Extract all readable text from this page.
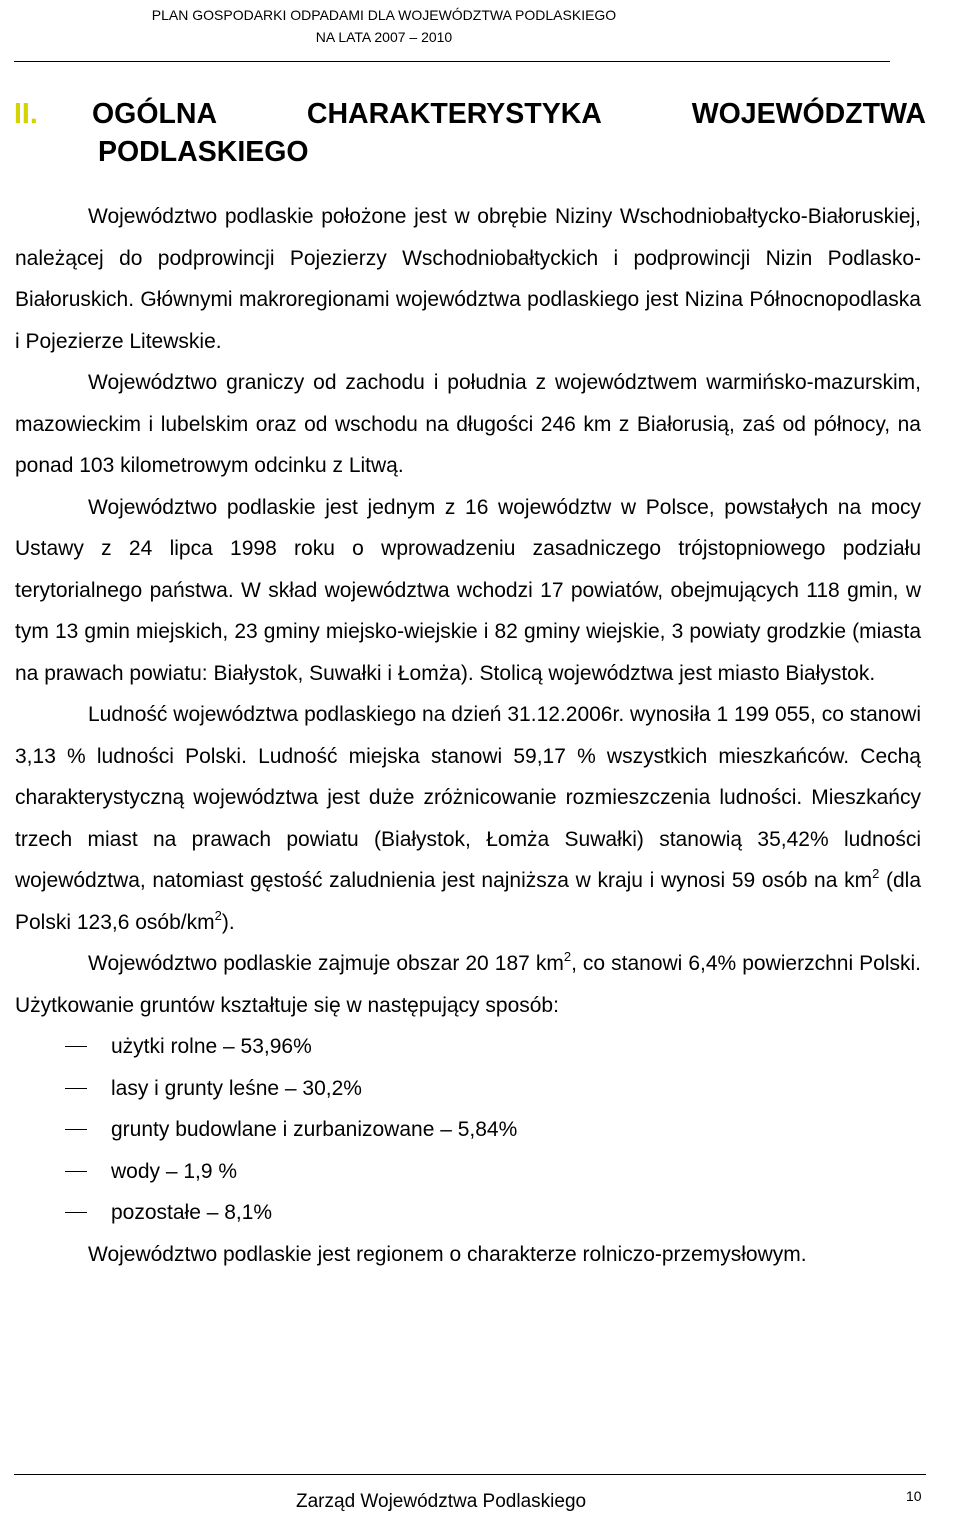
PLAN GOSPODARKI ODPADAMI DLA WOJEWÓDZTWA PODLASKIEGO
NA LATA 2007 – 2010
II. OGÓLNA	CHARAKTERYSTYKA	WOJEWÓDZTWA
PODLASKIEGO

Województwo podlaskie położone jest w obrębie Niziny Wschodniobałtycko-Białoruskiej, należącej do podprowincji Pojezierzy Wschodniobałtyckich i podprowincji Nizin Podlasko-Białoruskich. Głównymi makroregionami województwa podlaskiego jest Nizina Północnopodlaska i Pojezierze Litewskie.

Województwo graniczy od zachodu i południa z województwem warmińsko-mazurskim, mazowieckim i lubelskim oraz od wschodu na długości 246 km z Białorusią, zaś od północy, na ponad 103 kilometrowym odcinku z Litwą.

Województwo podlaskie jest jednym z 16 województw w Polsce, powstałych na mocy Ustawy z 24 lipca 1998 roku o wprowadzeniu zasadniczego trójstopniowego podziału terytorialnego państwa. W skład województwa wchodzi 17 powiatów, obejmujących 118 gmin, w tym 13 gmin miejskich, 23 gminy miejsko-wiejskie i 82 gminy wiejskie, 3 powiaty grodzkie (miasta na prawach powiatu: Białystok, Suwałki i Łomża). Stolicą województwa jest miasto Białystok.

Ludność województwa podlaskiego na dzień 31.12.2006r. wynosiła 1 199 055, co stanowi 3,13 % ludności Polski. Ludność miejska stanowi 59,17 % wszystkich mieszkańców. Cechą charakterystyczną województwa jest duże zróżnicowanie rozmieszczenia ludności. Mieszkańcy trzech miast na prawach powiatu (Białystok, Łomża Suwałki) stanowią 35,42% ludności województwa, natomiast gęstość zaludnienia jest najniższa w kraju i wynosi 59 osób na $km^2$ (dla Polski 123,6 osób/$km^2$).

Województwo podlaskie zajmuje obszar 20 187 $km^2$, co stanowi 6,4% powierzchni Polski. Użytkowanie gruntów kształtuje się w następujący sposób:

użytki rolne – 53,96%
lasy i grunty leśne – 30,2%
grunty budowlane i zurbanizowane – 5,84%
wody – 1,9 %
pozostałe – 8,1%

Województwo podlaskie jest regionem o charakterze rolniczo-przemysłowym.

Zarząd Województwa Podlaskiego	10
